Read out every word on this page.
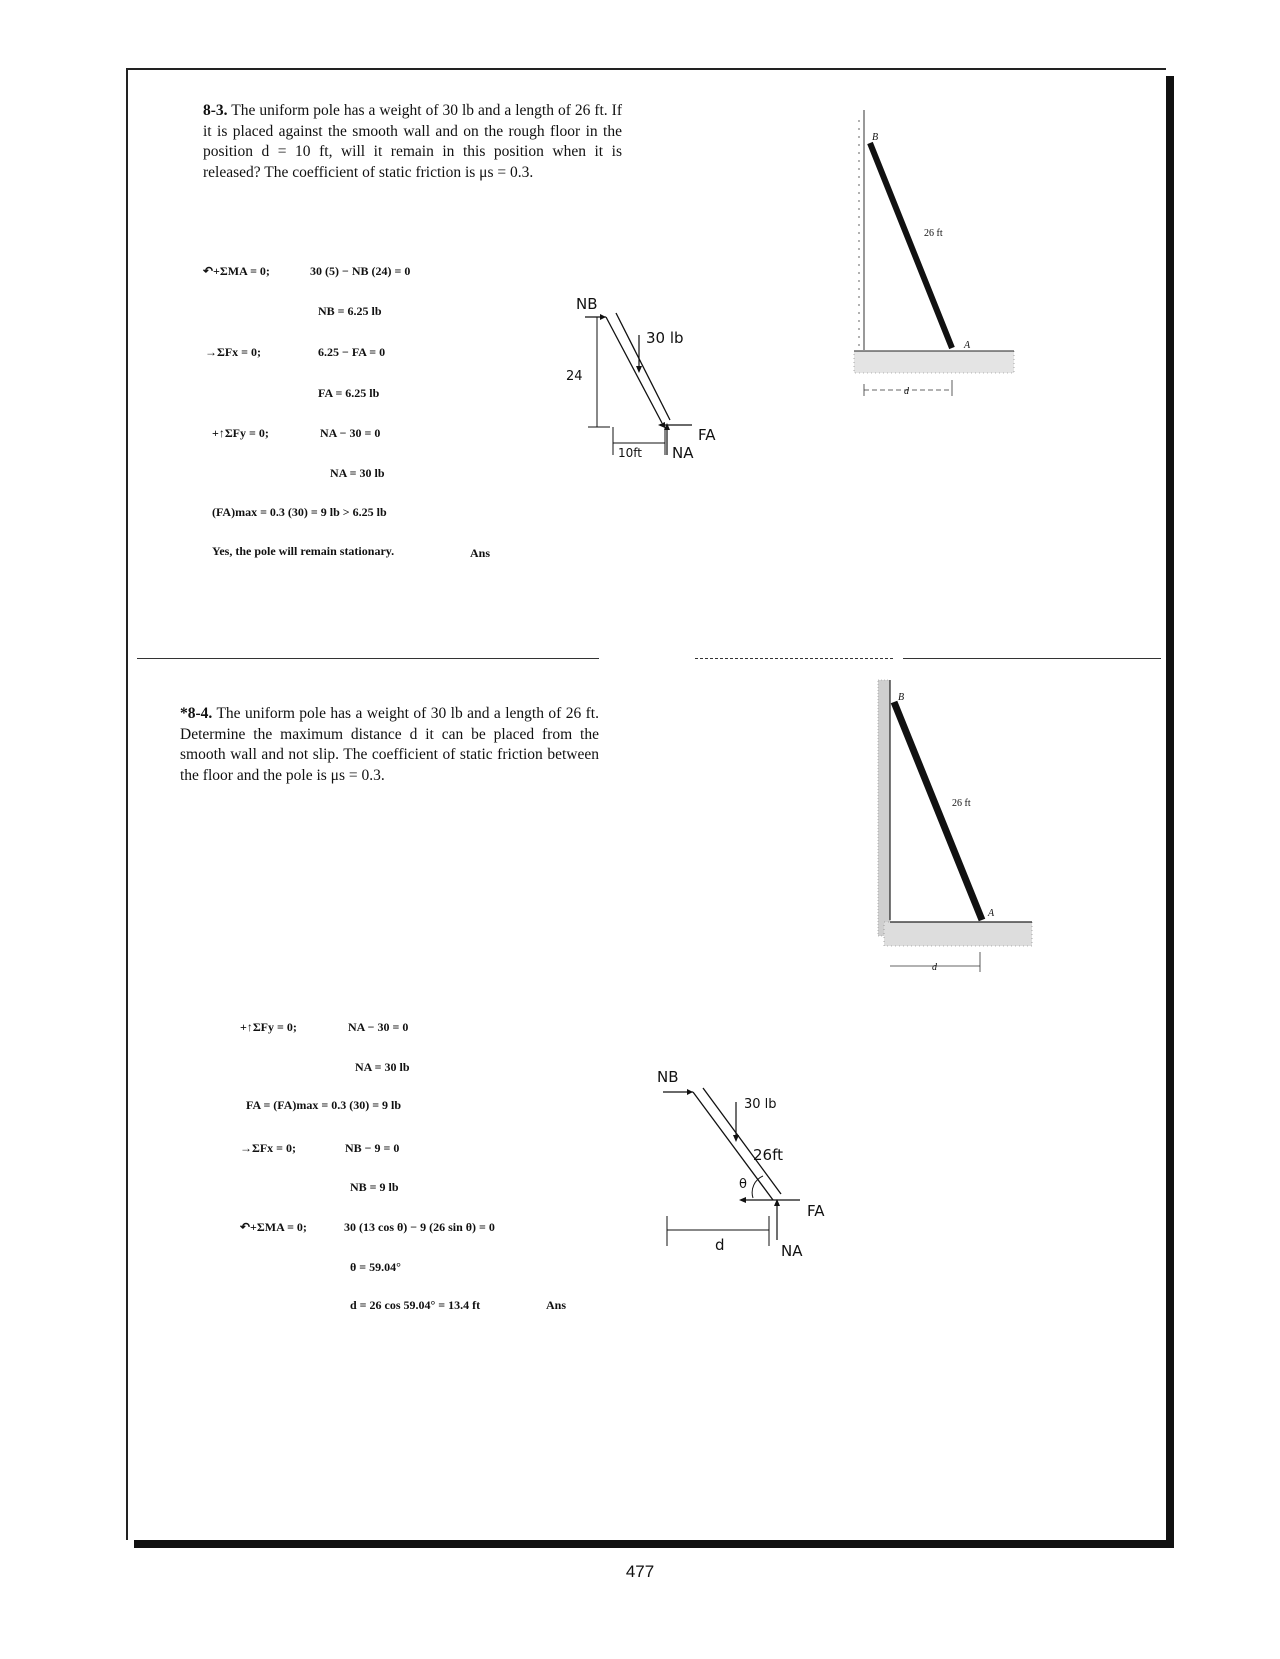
8-3. The uniform pole has a weight of 30 lb and a length of 26 ft. If it is placed against the smooth wall and on the rough floor in the position d = 10 ft, will it remain in this position when it is released? The coefficient of static friction is μs = 0.3.
↶+ΣMA = 0;	30 (5) − NB (24) = 0
NB = 6.25 lb
→ΣFx = 0;	6.25 − FA = 0
FA = 6.25 lb
+↑ΣFy = 0;	NA − 30 = 0
NA = 30 lb
(FA)max = 0.3 (30) = 9 lb > 6.25 lb
Yes, the pole will remain stationary.	Ans
NB
30 lb
24
10ft
FA
NA
B
A
26 ft
d
*8-4. The uniform pole has a weight of 30 lb and a length of 26 ft. Determine the maximum distance d it can be placed from the smooth wall and not slip. The coefficient of static friction between the floor and the pole is μs = 0.3.
+↑ΣFy = 0;	NA − 30 = 0
NA = 30 lb
FA = (FA)max = 0.3 (30) = 9 lb
→ΣFx = 0;	NB − 9 = 0
NB = 9 lb
↶+ΣMA = 0;	30 (13 cos θ) − 9 (26 sin θ) = 0
θ = 59.04°
d = 26 cos 59.04° = 13.4 ft	Ans
NB
30 lb
26ft
θ
FA
NA
d
B
A
26 ft
d
477
